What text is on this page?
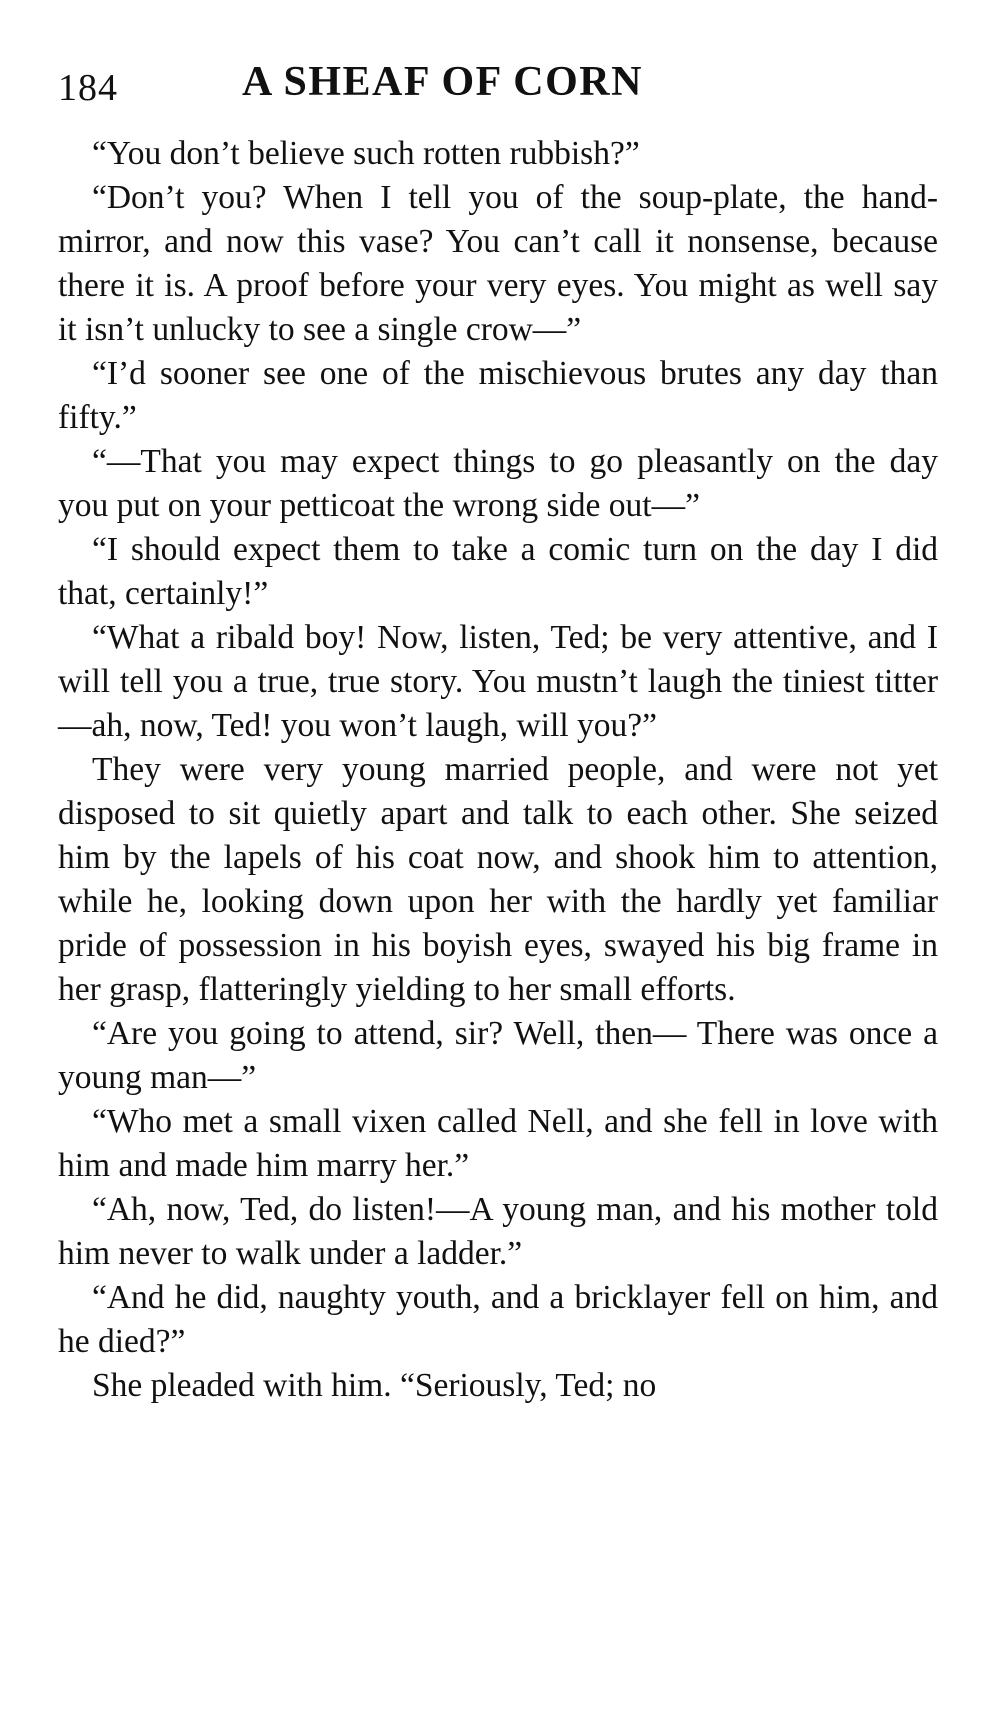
184	A SHEAF OF CORN

“You don’t believe such rotten rubbish?”

“Don’t you? When I tell you of the soup-plate, the hand-mirror, and now this vase? You can’t call it nonsense, because there it is. A proof before your very eyes. You might as well say it isn’t unlucky to see a single crow—”

“I’d sooner see one of the mischievous brutes any day than fifty.”

“—That you may expect things to go pleasantly on the day you put on your petticoat the wrong side out—”

“I should expect them to take a comic turn on the day I did that, certainly!”

“What a ribald boy! Now, listen, Ted; be very attentive, and I will tell you a true, true story. You mustn’t laugh the tiniest titter—ah, now, Ted! you won’t laugh, will you?”

They were very young married people, and were not yet disposed to sit quietly apart and talk to each other. She seized him by the lapels of his coat now, and shook him to attention, while he, looking down upon her with the hardly yet familiar pride of possession in his boyish eyes, swayed his big frame in her grasp, flatteringly yielding to her small efforts.

“Are you going to attend, sir? Well, then— There was once a young man—”

“Who met a small vixen called Nell, and she fell in love with him and made him marry her.”

“Ah, now, Ted, do listen!—A young man, and his mother told him never to walk under a ladder.”

“And he did, naughty youth, and a bricklayer fell on him, and he died?”

She pleaded with him. “Seriously, Ted; no
